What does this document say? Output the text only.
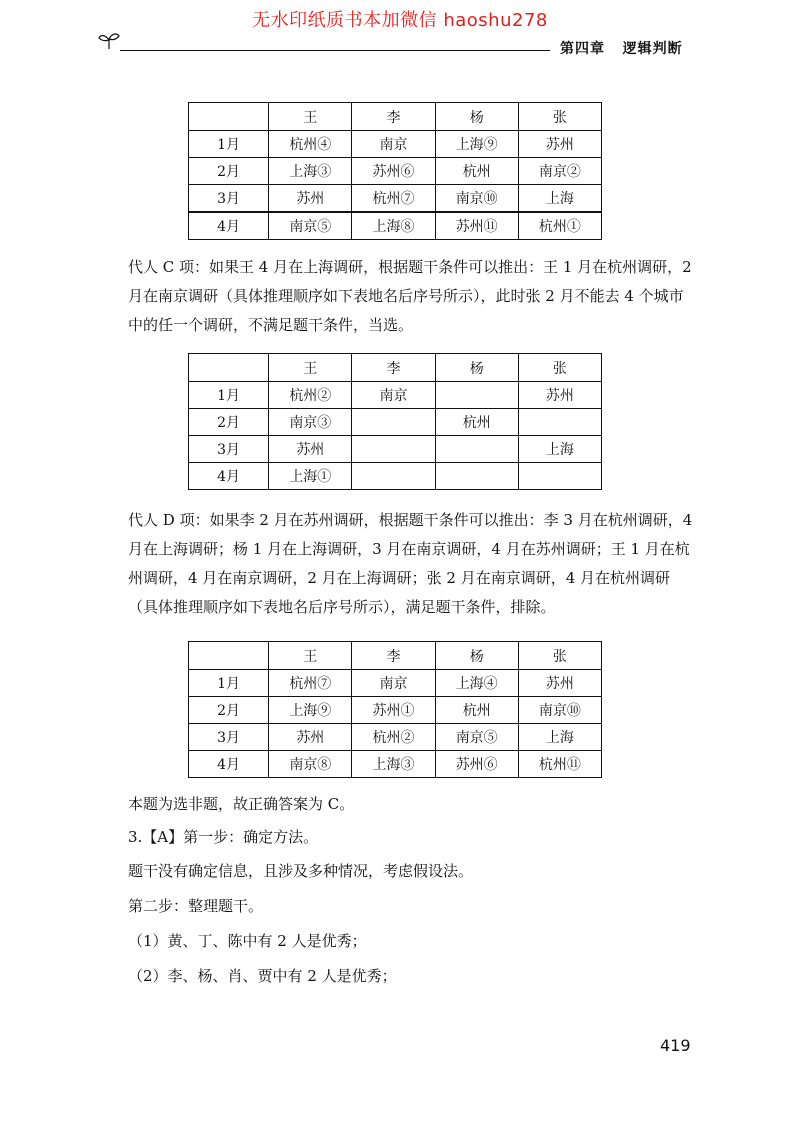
无水印纸质书本加微信 haoshu278
第四章   逻辑判断
	王	李	杨	张
1月	杭州④	南京	上海⑨	苏州
2月	上海③	苏州⑥	杭州	南京②
3月	苏州	杭州⑦	南京⑩	上海
4月	南京⑤	上海⑧	苏州⑪	杭州①

代人 C 项：如果王 4 月在上海调研，根据题干条件可以推出：王 1 月在杭州调研，2 月在南京调研（具体推理顺序如下表地名后序号所示），此时张 2 月不能去 4 个城市中的任一个调研，不满足题干条件，当选。

	王	李	杨	张
1月	杭州②	南京		苏州
2月	南京③		杭州	
3月	苏州			上海
4月	上海①			

代人 D 项：如果李 2 月在苏州调研，根据题干条件可以推出：李 3 月在杭州调研，4 月在上海调研；杨 1 月在上海调研，3 月在南京调研，4 月在苏州调研；王 1 月在杭州调研，4 月在南京调研，2 月在上海调研；张 2 月在南京调研，4 月在杭州调研（具体推理顺序如下表地名后序号所示），满足题干条件，排除。

	王	李	杨	张
1月	杭州⑦	南京	上海④	苏州
2月	上海⑨	苏州①	杭州	南京⑩
3月	苏州	杭州②	南京⑤	上海
4月	南京⑧	上海③	苏州⑥	杭州⑪
本题为选非题，故正确答案为 C。
3.【A】第一步：确定方法。
题干没有确定信息，且涉及多种情况，考虑假设法。
第二步：整理题干。
（1）黄、丁、陈中有 2 人是优秀；
（2）李、杨、肖、贾中有 2 人是优秀；
419
